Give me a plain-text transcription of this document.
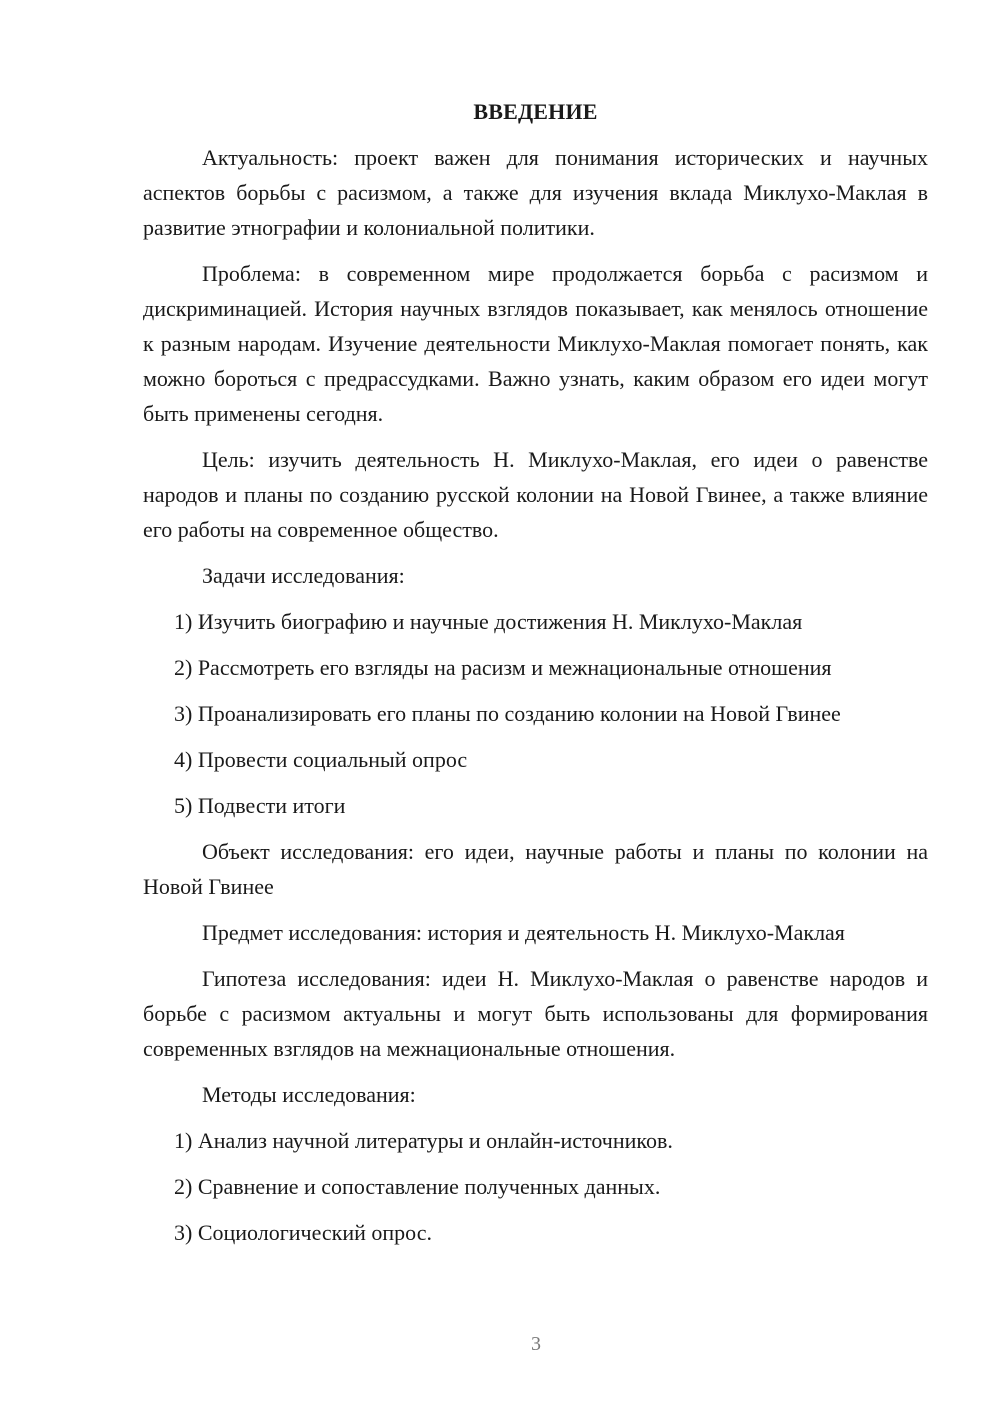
ВВЕДЕНИЕ

Актуальность: проект важен для понимания исторических и научных аспектов борьбы с расизмом, а также для изучения вклада Миклухо-Маклая в развитие этнографии и колониальной политики.

Проблема: в современном мире продолжается борьба с расизмом и дискриминацией. История научных взглядов показывает, как менялось отношение к разным народам. Изучение деятельности Миклухо-Маклая помогает понять, как можно бороться с предрассудками. Важно узнать, каким образом его идеи могут быть применены сегодня.

Цель: изучить деятельность Н. Миклухо-Маклая, его идеи о равенстве народов и планы по созданию русской колонии на Новой Гвинее, а также влияние его работы на современное общество.

Задачи исследования:

1) Изучить биографию и научные достижения Н. Миклухо-Маклая

2) Рассмотреть его взгляды на расизм и межнациональные отношения

3) Проанализировать его планы по созданию колонии на Новой Гвинее

4) Провести социальный опрос

5) Подвести итоги

Объект исследования: его идеи, научные работы и планы по колонии на Новой Гвинее

Предмет исследования: история и деятельность Н. Миклухо-Маклая

Гипотеза исследования: идеи Н. Миклухо-Маклая о равенстве народов и борьбе с расизмом актуальны и могут быть использованы для формирования современных взглядов на межнациональные отношения.

Методы исследования:

1) Анализ научной литературы и онлайн-источников.

2) Сравнение и сопоставление полученных данных.

3) Социологический опрос.

3
